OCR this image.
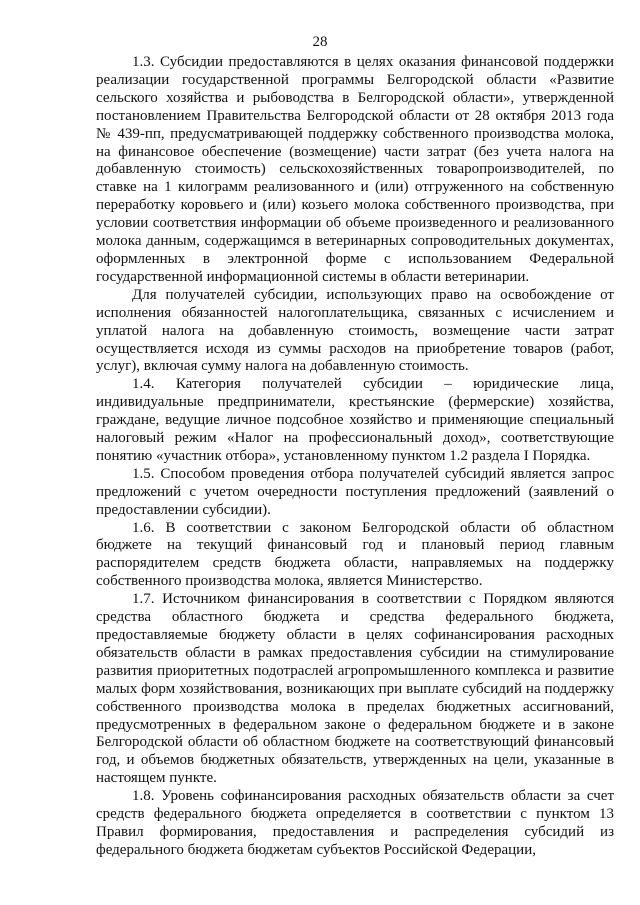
28

1.3. Субсидии предоставляются в целях оказания финансовой поддержки реализации государственной программы Белгородской области «Развитие сельского хозяйства и рыбоводства в Белгородской области», утвержденной постановлением Правительства Белгородской области от 28 октября 2013 года № 439-пп, предусматривающей поддержку собственного производства молока, на финансовое обеспечение (возмещение) части затрат (без учета налога на добавленную стоимость) сельскохозяйственных товаропроизводителей, по ставке на 1 килограмм реализованного и (или) отгруженного на собственную переработку коровьего и (или) козьего молока собственного производства, при условии соответствия информации об объеме произведенного и реализованного молока данным, содержащимся в ветеринарных сопроводительных документах, оформленных в электронной форме с использованием Федеральной государственной информационной системы в области ветеринарии.

Для получателей субсидии, использующих право на освобождение от исполнения обязанностей налогоплательщика, связанных с исчислением и уплатой налога на добавленную стоимость, возмещение части затрат осуществляется исходя из суммы расходов на приобретение товаров (работ, услуг), включая сумму налога на добавленную стоимость.

1.4. Категория получателей субсидии – юридические лица, индивидуальные предприниматели, крестьянские (фермерские) хозяйства, граждане, ведущие личное подсобное хозяйство и применяющие специальный налоговый режим «Налог на профессиональный доход», соответствующие понятию «участник отбора», установленному пунктом 1.2 раздела I Порядка.

1.5. Способом проведения отбора получателей субсидий является запрос предложений с учетом очередности поступления предложений (заявлений о предоставлении субсидии).

1.6. В соответствии с законом Белгородской области об областном бюджете на текущий финансовый год и плановый период главным распорядителем средств бюджета области, направляемых на поддержку собственного производства молока, является Министерство.

1.7. Источником финансирования в соответствии с Порядком являются средства областного бюджета и средства федерального бюджета, предоставляемые бюджету области в целях софинансирования расходных обязательств области в рамках предоставления субсидии на стимулирование развития приоритетных подотраслей агропромышленного комплекса и развитие малых форм хозяйствования, возникающих при выплате субсидий на поддержку собственного производства молока в пределах бюджетных ассигнований, предусмотренных в федеральном законе о федеральном бюджете и в законе Белгородской области об областном бюджете на соответствующий финансовый год, и объемов бюджетных обязательств, утвержденных на цели, указанные в настоящем пункте.

1.8. Уровень софинансирования расходных обязательств области за счет средств федерального бюджета определяется в соответствии с пунктом 13 Правил формирования, предоставления и распределения субсидий из федерального бюджета бюджетам субъектов Российской Федерации,
